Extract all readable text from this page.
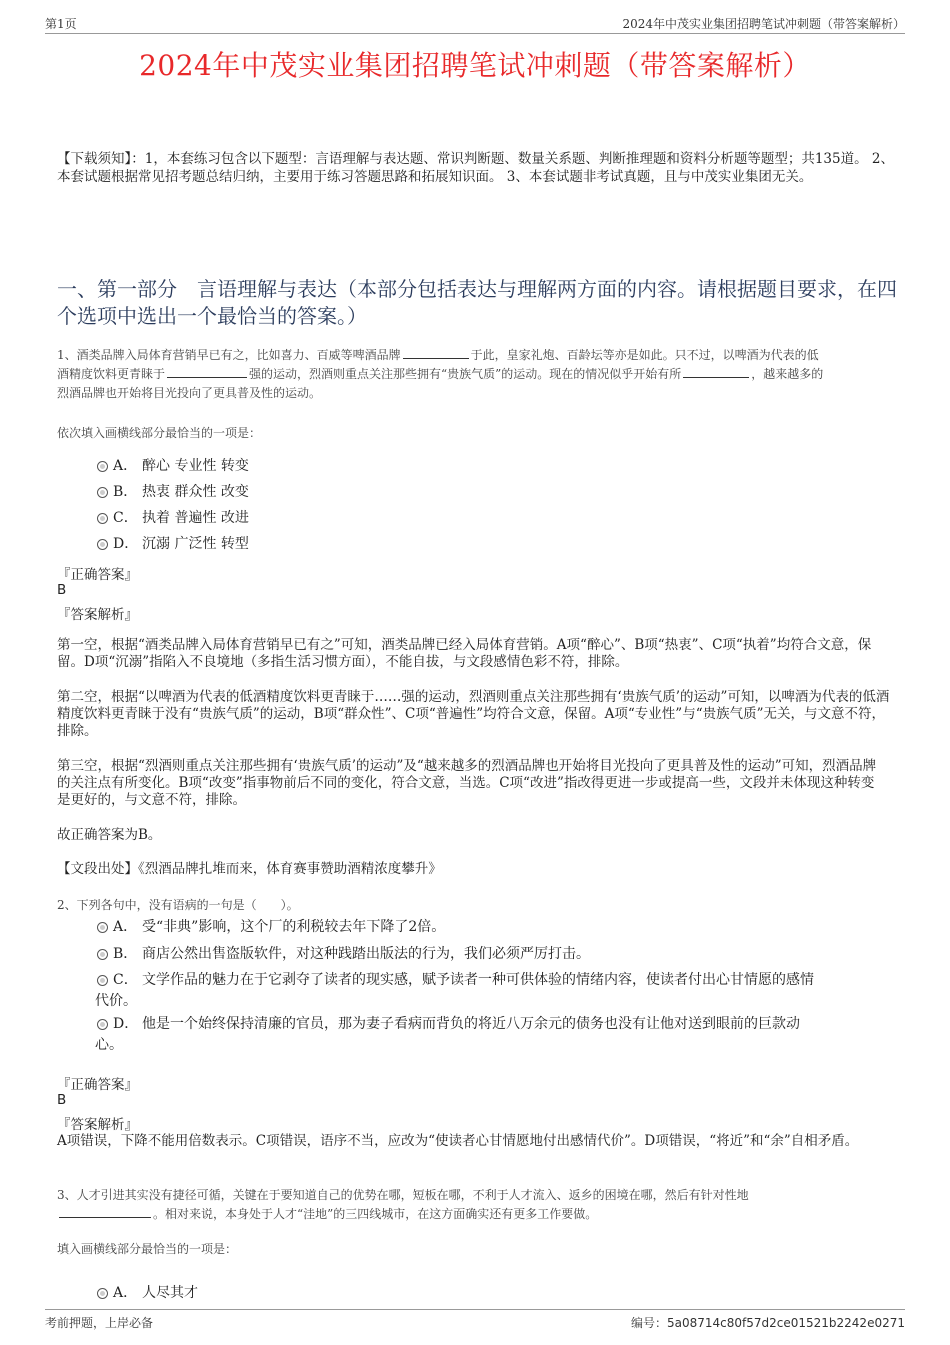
第1页	2024年中茂实业集团招聘笔试冲刺题（带答案解析）
2024年中茂实业集团招聘笔试冲刺题（带答案解析）
【下载须知】：1，本套练习包含以下题型：言语理解与表达题、常识判断题、数量关系题、判断推理题和资料分析题等题型；共135道。 2、本套试题根据常见招考题总结归纳，主要用于练习答题思路和拓展知识面。 3、本套试题非考试真题，且与中茂实业集团无关。
一、第一部分　言语理解与表达（本部分包括表达与理解两方面的内容。请根据题目要求，在四个选项中选出一个最恰当的答案。）
1、酒类品牌入局体育营销早已有之，比如喜力、百威等啤酒品牌	于此，皇家礼炮、百龄坛等亦是如此。只不过，以啤酒为代表的低
酒精度饮料更青睐于	强的运动，烈酒则重点关注那些拥有“贵族气质”的运动。现在的情况似乎开始有所	，越来越多的
烈酒品牌也开始将目光投向了更具普及性的运动。
依次填入画横线部分最恰当的一项是：
A． 醉心 专业性 转变
B． 热衷 群众性 改变
C． 执着 普遍性 改进
D． 沉溺 广泛性 转型
『正确答案』
B
『答案解析』
第一空，根据“酒类品牌入局体育营销早已有之”可知，酒类品牌已经入局体育营销。A项“醉心”、B项“热衷”、C项“执着”均符合文意，保留。D项“沉溺”指陷入不良境地（多指生活习惯方面），不能自拔，与文段感情色彩不符，排除。
第二空，根据“以啤酒为代表的低酒精度饮料更青睐于……强的运动，烈酒则重点关注那些拥有‘贵族气质’的运动”可知，以啤酒为代表的低酒精度饮料更青睐于没有“贵族气质”的运动，B项“群众性”、C项“普遍性”均符合文意，保留。A项“专业性”与“贵族气质”无关，与文意不符，排除。
第三空，根据“烈酒则重点关注那些拥有‘贵族气质’的运动”及“越来越多的烈酒品牌也开始将目光投向了更具普及性的运动”可知，烈酒品牌的关注点有所变化。B项“改变”指事物前后不同的变化，符合文意，当选。C项“改进”指改得更进一步或提高一些，文段并未体现这种转变是更好的，与文意不符，排除。
故正确答案为B。
【文段出处】《烈酒品牌扎堆而来，体育赛事赞助酒精浓度攀升》
2、下列各句中，没有语病的一句是（　　）。
A． 受“非典”影响，这个厂的利税较去年下降了2倍。
B． 商店公然出售盗版软件，对这种践踏出版法的行为，我们必须严厉打击。
C． 文学作品的魅力在于它剥夺了读者的现实感，赋予读者一种可供体验的情绪内容，使读者付出心甘情愿的感情
代价。
D． 他是一个始终保持清廉的官员，那为妻子看病而背负的将近八万余元的债务也没有让他对送到眼前的巨款动
心。
『正确答案』
B
『答案解析』
A项错误，下降不能用倍数表示。C项错误，语序不当，应改为“使读者心甘情愿地付出感情代价”。D项错误，“将近”和“余”自相矛盾。
3、人才引进其实没有捷径可循，关键在于要知道自己的优势在哪，短板在哪，不利于人才流入、返乡的困境在哪，然后有针对性地
。相对来说，本身处于人才“洼地”的三四线城市，在这方面确实还有更多工作要做。
填入画横线部分最恰当的一项是：
A． 人尽其才
考前押题，上岸必备	编号：5a08714c80f57d2ce01521b2242e0271
